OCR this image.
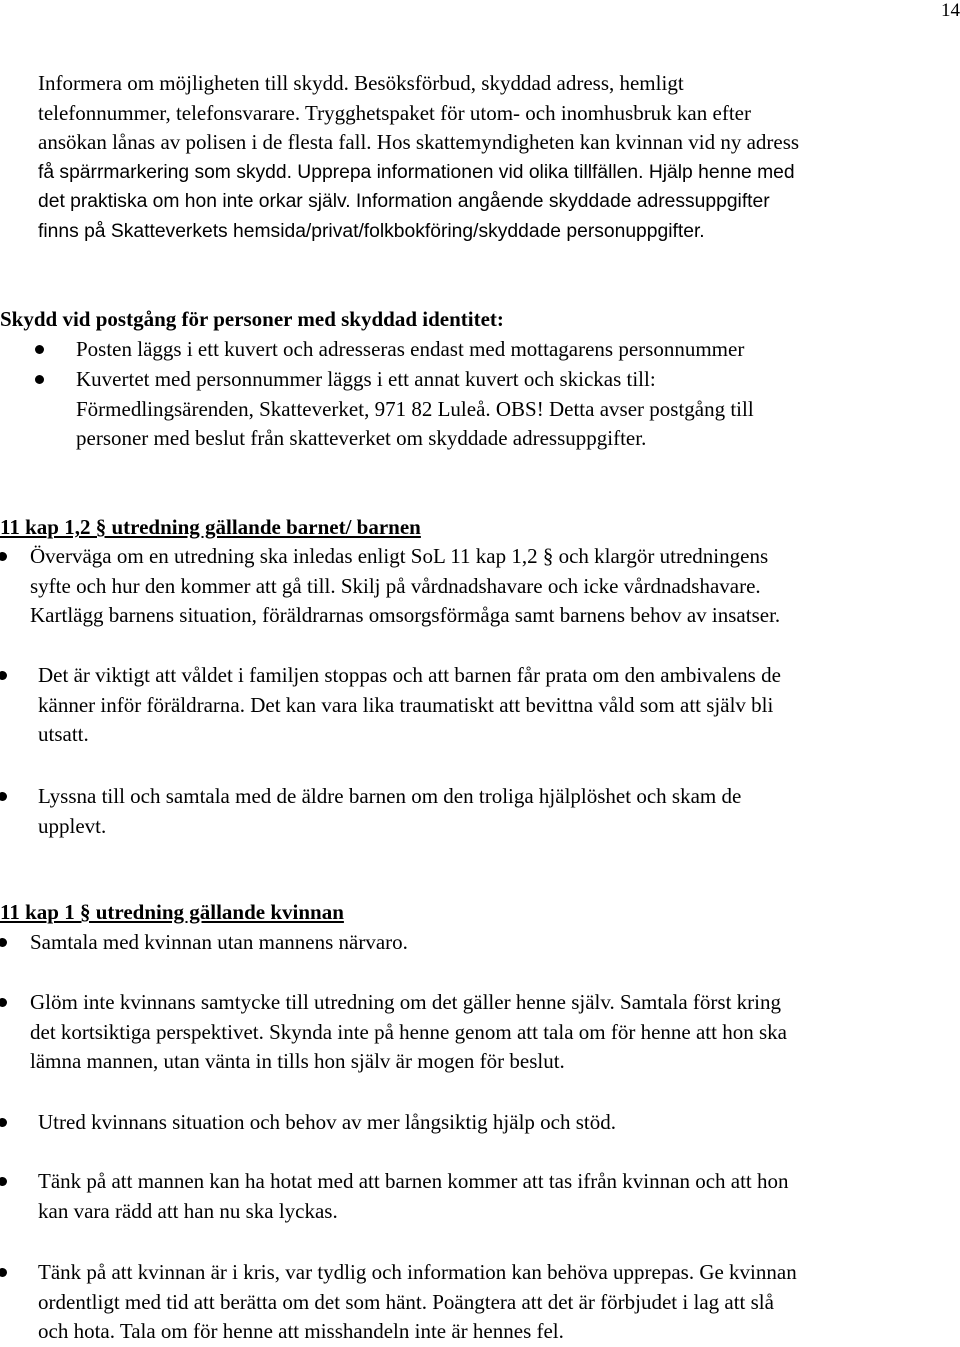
14
Informera om möjligheten till skydd. Besöksförbud, skyddad adress, hemligt
telefonnummer, telefonsvarare. Trygghetspaket för utom- och inomhusbruk kan efter
ansökan lånas av polisen i de flesta fall. Hos skattemyndigheten kan kvinnan vid ny adress
få spärrmarkering som skydd. Upprepa informationen vid olika tillfällen. Hjälp henne med
det praktiska om hon inte orkar själv. Information angående skyddade adressuppgifter
finns på Skatteverkets hemsida/privat/folkbokföring/skyddade personuppgifter.
Skydd vid postgång för personer med skyddad identitet:
Posten läggs i ett kuvert och adresseras endast med mottagarens personnummer
Kuvertet med personnummer läggs i ett annat kuvert och skickas till:
Förmedlingsärenden, Skatteverket, 971 82 Luleå. OBS! Detta avser postgång till
personer med beslut från skatteverket om skyddade adressuppgifter.
11 kap 1,2 § utredning gällande barnet/ barnen
Överväga om en utredning ska inledas enligt SoL 11 kap 1,2 § och klargör utredningens
syfte och hur den kommer att gå till. Skilj på vårdnadshavare och icke vårdnadshavare.
Kartlägg barnens situation, föräldrarnas omsorgsförmåga samt barnens behov av insatser.
Det är viktigt att våldet i familjen stoppas och att barnen får prata om den ambivalens de
känner inför föräldrarna. Det kan vara lika traumatiskt att bevittna våld som att själv bli
utsatt.
Lyssna till och samtala med de äldre barnen om den troliga hjälplöshet och skam de
upplevt.
11 kap 1 § utredning gällande kvinnan
Samtala med kvinnan utan mannens närvaro.
Glöm inte kvinnans samtycke till utredning om det gäller henne själv. Samtala först kring
det kortsiktiga perspektivet. Skynda inte på henne genom att tala om för henne att hon ska
lämna mannen, utan vänta in tills hon själv är mogen för beslut.
Utred kvinnans situation och behov av mer långsiktig hjälp och stöd.
Tänk på att mannen kan ha hotat med att barnen kommer att tas ifrån kvinnan och att hon
kan vara rädd att han nu ska lyckas.
Tänk på att kvinnan är i kris, var tydlig och information kan behöva upprepas. Ge kvinnan
ordentligt med tid att berätta om det som hänt. Poängtera att det är förbjudet i lag att slå
och hota. Tala om för henne att misshandeln inte är hennes fel.
